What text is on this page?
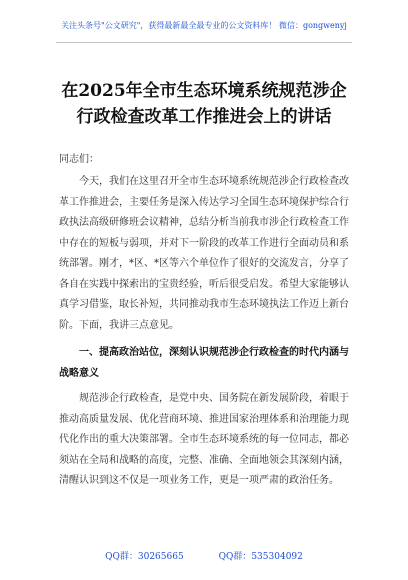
关注头条号"公文研究"，获得最新最全最专业的公文资料库！ 微信：gongwenyj
在2025年全市生态环境系统规范涉企
行政检查改革工作推进会上的讲话
同志们：
今天，我们在这里召开全市生态环境系统规范涉企行政检查改革工作推进会，主要任务是深入传达学习全国生态环境保护综合行政执法高级研修班会议精神，总结分析当前我市涉企行政检查工作中存在的短板与弱项，并对下一阶段的改革工作进行全面动员和系统部署。刚才，*区、*区等六个单位作了很好的交流发言，分享了各自在实践中探索出的宝贵经验，听后很受启发。希望大家能够认真学习借鉴，取长补短，共同推动我市生态环境执法工作迈上新台阶。下面，我讲三点意见。
一、提高政治站位，深刻认识规范涉企行政检查的时代内涵与战略意义
规范涉企行政检查，是党中央、国务院在新发展阶段，着眼于推动高质量发展、优化营商环境、推进国家治理体系和治理能力现代化作出的重大决策部署。全市生态环境系统的每一位同志，都必须站在全局和战略的高度，完整、准确、全面地领会其深刻内涵，清醒认识到这不仅是一项业务工作，更是一项严肃的政治任务。
QQ群：30265665	QQ群：535304092
